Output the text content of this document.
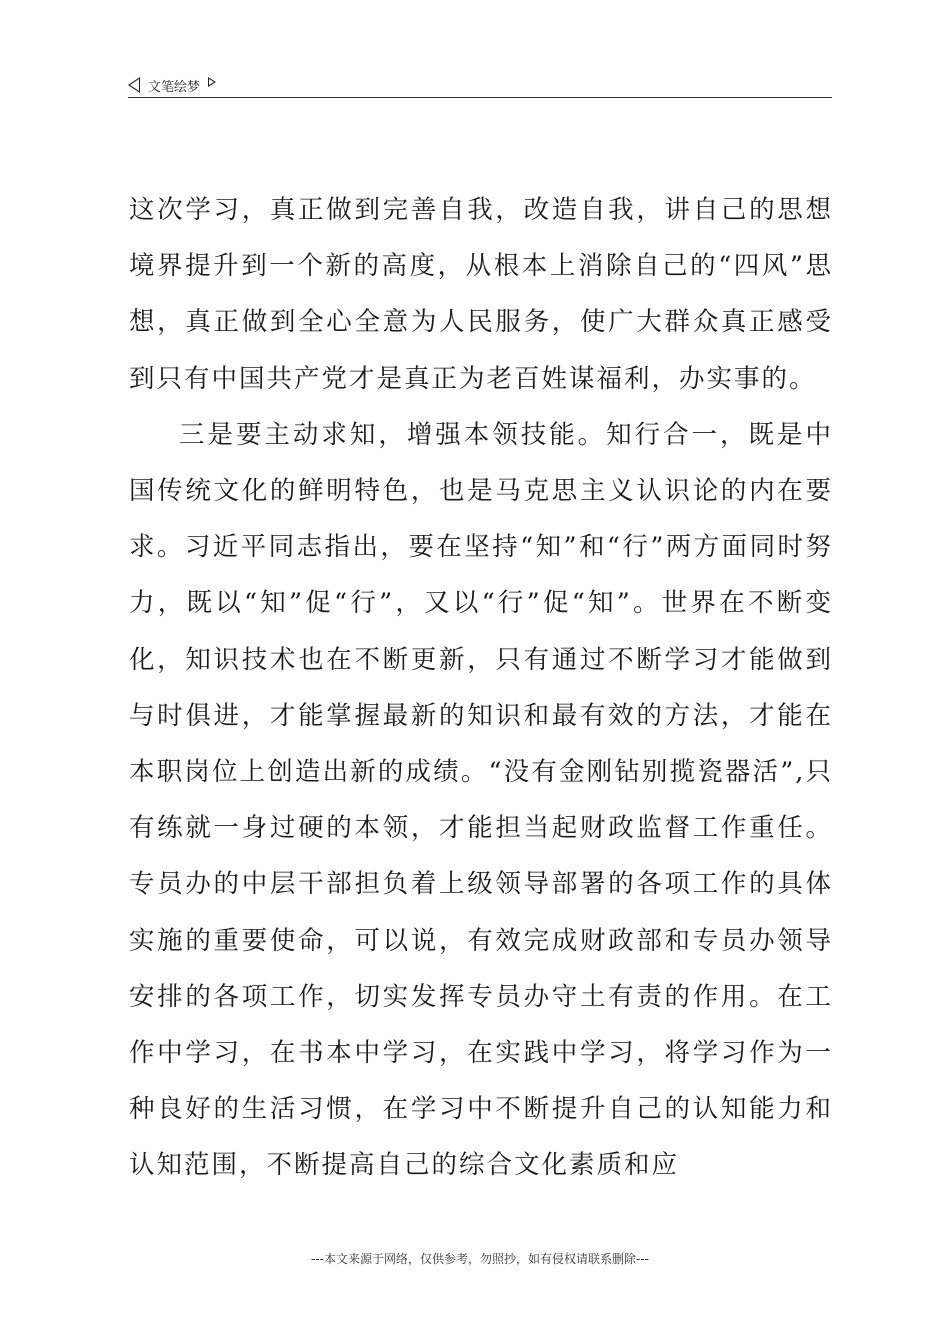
文笔绘梦

这次学习，真正做到完善自我，改造自我，讲自己的思想境界提升到一个新的高度，从根本上消除自己的“四风”思想，真正做到全心全意为人民服务，使广大群众真正感受到只有中国共产党才是真正为老百姓谋福利，办实事的。

三是要主动求知，增强本领技能。知行合一，既是中国传统文化的鲜明特色，也是马克思主义认识论的内在要求。习近平同志指出，要在坚持“知”和“行”两方面同时努力，既以“知”促“行”，又以“行”促“知”。世界在不断变化，知识技术也在不断更新，只有通过不断学习才能做到与时俱进，才能掌握最新的知识和最有效的方法，才能在本职岗位上创造出新的成绩。“没有金刚钻别揽瓷器活”,只有练就一身过硬的本领，才能担当起财政监督工作重任。专员办的中层干部担负着上级领导部署的各项工作的具体实施的重要使命，可以说，有效完成财政部和专员办领导安排的各项工作，切实发挥专员办守土有责的作用。在工作中学习，在书本中学习，在实践中学习，将学习作为一种良好的生活习惯，在学习中不断提升自己的认知能力和认知范围，不断提高自己的综合文化素质和应

---本文来源于网络，仅供参考，勿照抄，如有侵权请联系删除---
